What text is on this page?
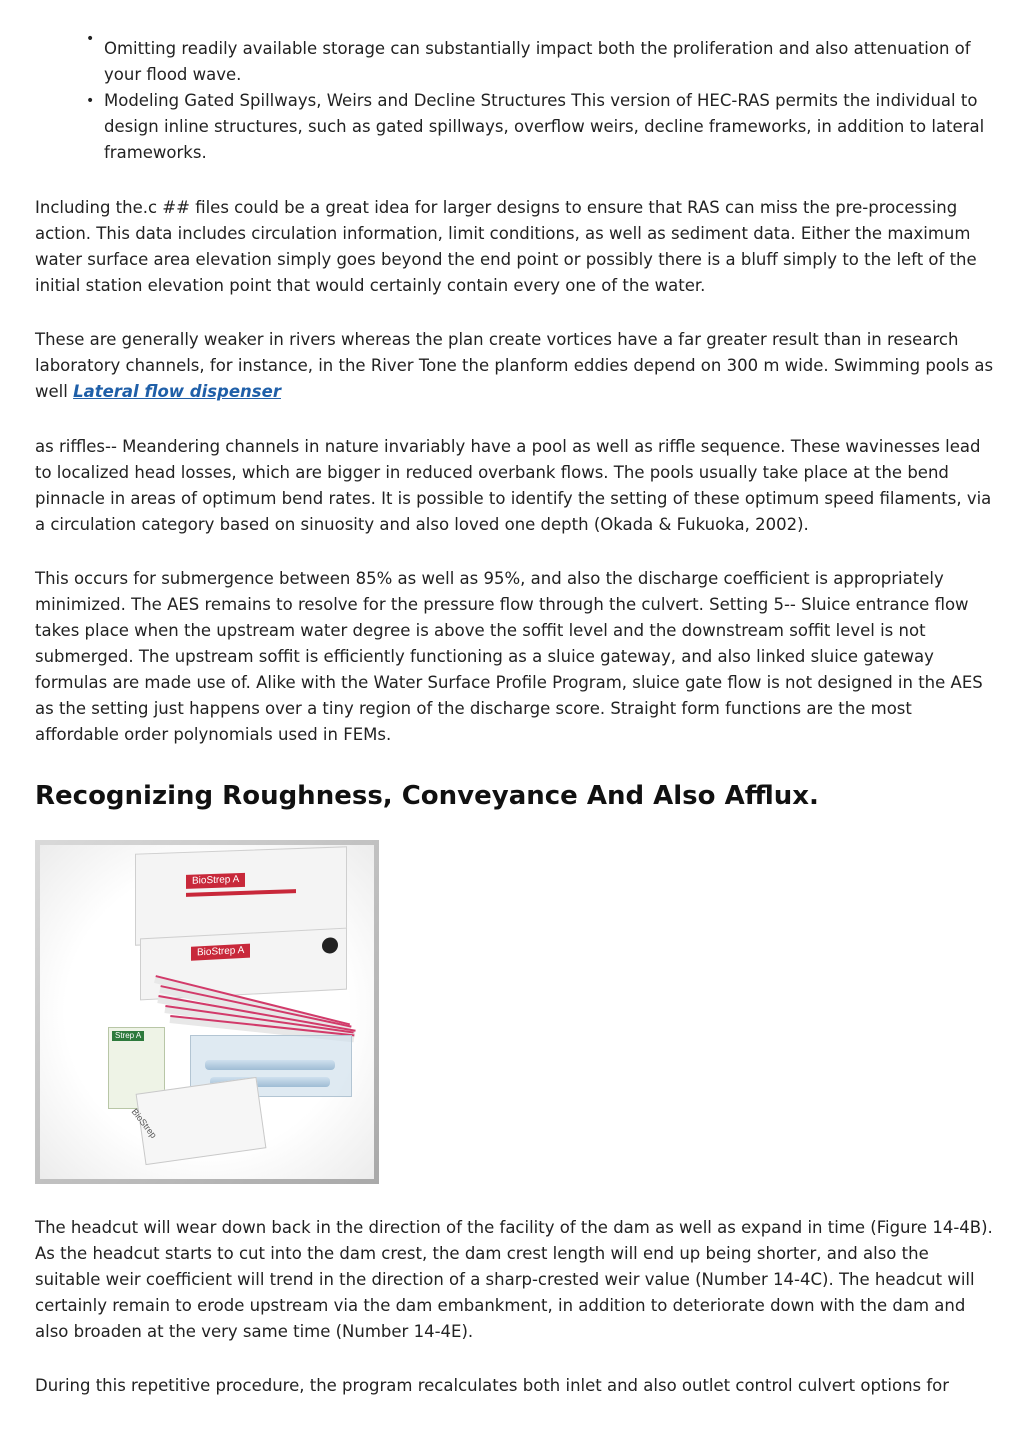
• Omitting readily available storage can substantially impact both the proliferation and also attenuation of your flood wave.
• Modeling Gated Spillways, Weirs and Decline Structures This version of HEC-RAS permits the individual to design inline structures, such as gated spillways, overflow weirs, decline frameworks, in addition to lateral frameworks.

Including the.c ## files could be a great idea for larger designs to ensure that RAS can miss the pre-processing action. This data includes circulation information, limit conditions, as well as sediment data. Either the maximum water surface area elevation simply goes beyond the end point or possibly there is a bluff simply to the left of the initial station elevation point that would certainly contain every one of the water.

These are generally weaker in rivers whereas the plan create vortices have a far greater result than in research laboratory channels, for instance, in the River Tone the planform eddies depend on 300 m wide. Swimming pools as well Lateral flow dispenser

as riffles-- Meandering channels in nature invariably have a pool as well as riffle sequence. These wavinesses lead to localized head losses, which are bigger in reduced overbank flows. The pools usually take place at the bend pinnacle in areas of optimum bend rates. It is possible to identify the setting of these optimum speed filaments, via a circulation category based on sinuosity and also loved one depth (Okada & Fukuoka, 2002).

This occurs for submergence between 85% as well as 95%, and also the discharge coefficient is appropriately minimized. The AES remains to resolve for the pressure flow through the culvert. Setting 5-- Sluice entrance flow takes place when the upstream water degree is above the soffit level and the downstream soffit level is not submerged. The upstream soffit is efficiently functioning as a sluice gateway, and also linked sluice gateway formulas are made use of. Alike with the Water Surface Profile Program, sluice gate flow is not designed in the AES as the setting just happens over a tiny region of the discharge score. Straight form functions are the most affordable order polynomials used in FEMs.

Recognizing Roughness, Conveyance And Also Afflux.
BioStrep A
BioStrep A
Strep A
BioStrep

The headcut will wear down back in the direction of the facility of the dam as well as expand in time (Figure 14-4B). As the headcut starts to cut into the dam crest, the dam crest length will end up being shorter, and also the suitable weir coefficient will trend in the direction of a sharp-crested weir value (Number 14-4C). The headcut will certainly remain to erode upstream via the dam embankment, in addition to deteriorate down with the dam and also broaden at the very same time (Number 14-4E).

During this repetitive procedure, the program recalculates both inlet and also outlet control culvert options for
